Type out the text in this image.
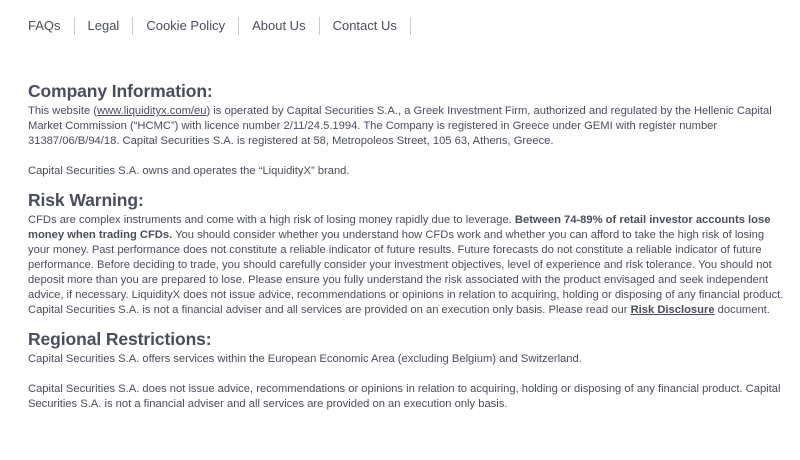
FAQs	Legal	Cookie Policy	About Us	Contact Us
Company Information:

This website (www.liquidityx.com/eu) is operated by Capital Securities S.A., a Greek Investment Firm, authorized and regulated by the Hellenic Capital Market Commission (“HCMC”) with licence number 2/11/24.5.1994. The Company is registered in Greece under GEMI with register number 31387/06/B/94/18. Capital Securities S.A. is registered at 58, Metropoleos Street, 105 63, Athens, Greece.

Capital Securities S.A. owns and operates the “LiquidityX” brand.

Risk Warning:

CFDs are complex instruments and come with a high risk of losing money rapidly due to leverage. Between 74-89% of retail investor accounts lose money when trading CFDs. You should consider whether you understand how CFDs work and whether you can afford to take the high risk of losing your money. Past performance does not constitute a reliable indicator of future results. Future forecasts do not constitute a reliable indicator of future performance. Before deciding to trade, you should carefully consider your investment objectives, level of experience and risk tolerance. You should not deposit more than you are prepared to lose. Please ensure you fully understand the risk associated with the product envisaged and seek independent advice, if necessary. LiquidityX does not issue advice, recommendations or opinions in relation to acquiring, holding or disposing of any financial product. Capital Securities S.A. is not a financial adviser and all services are provided on an execution only basis. Please read our Risk Disclosure document.

Regional Restrictions:

Capital Securities S.A. offers services within the European Economic Area (excluding Belgium) and Switzerland.

Capital Securities S.A. does not issue advice, recommendations or opinions in relation to acquiring, holding or disposing of any financial product. Capital Securities S.A. is not a financial adviser and all services are provided on an execution only basis.
